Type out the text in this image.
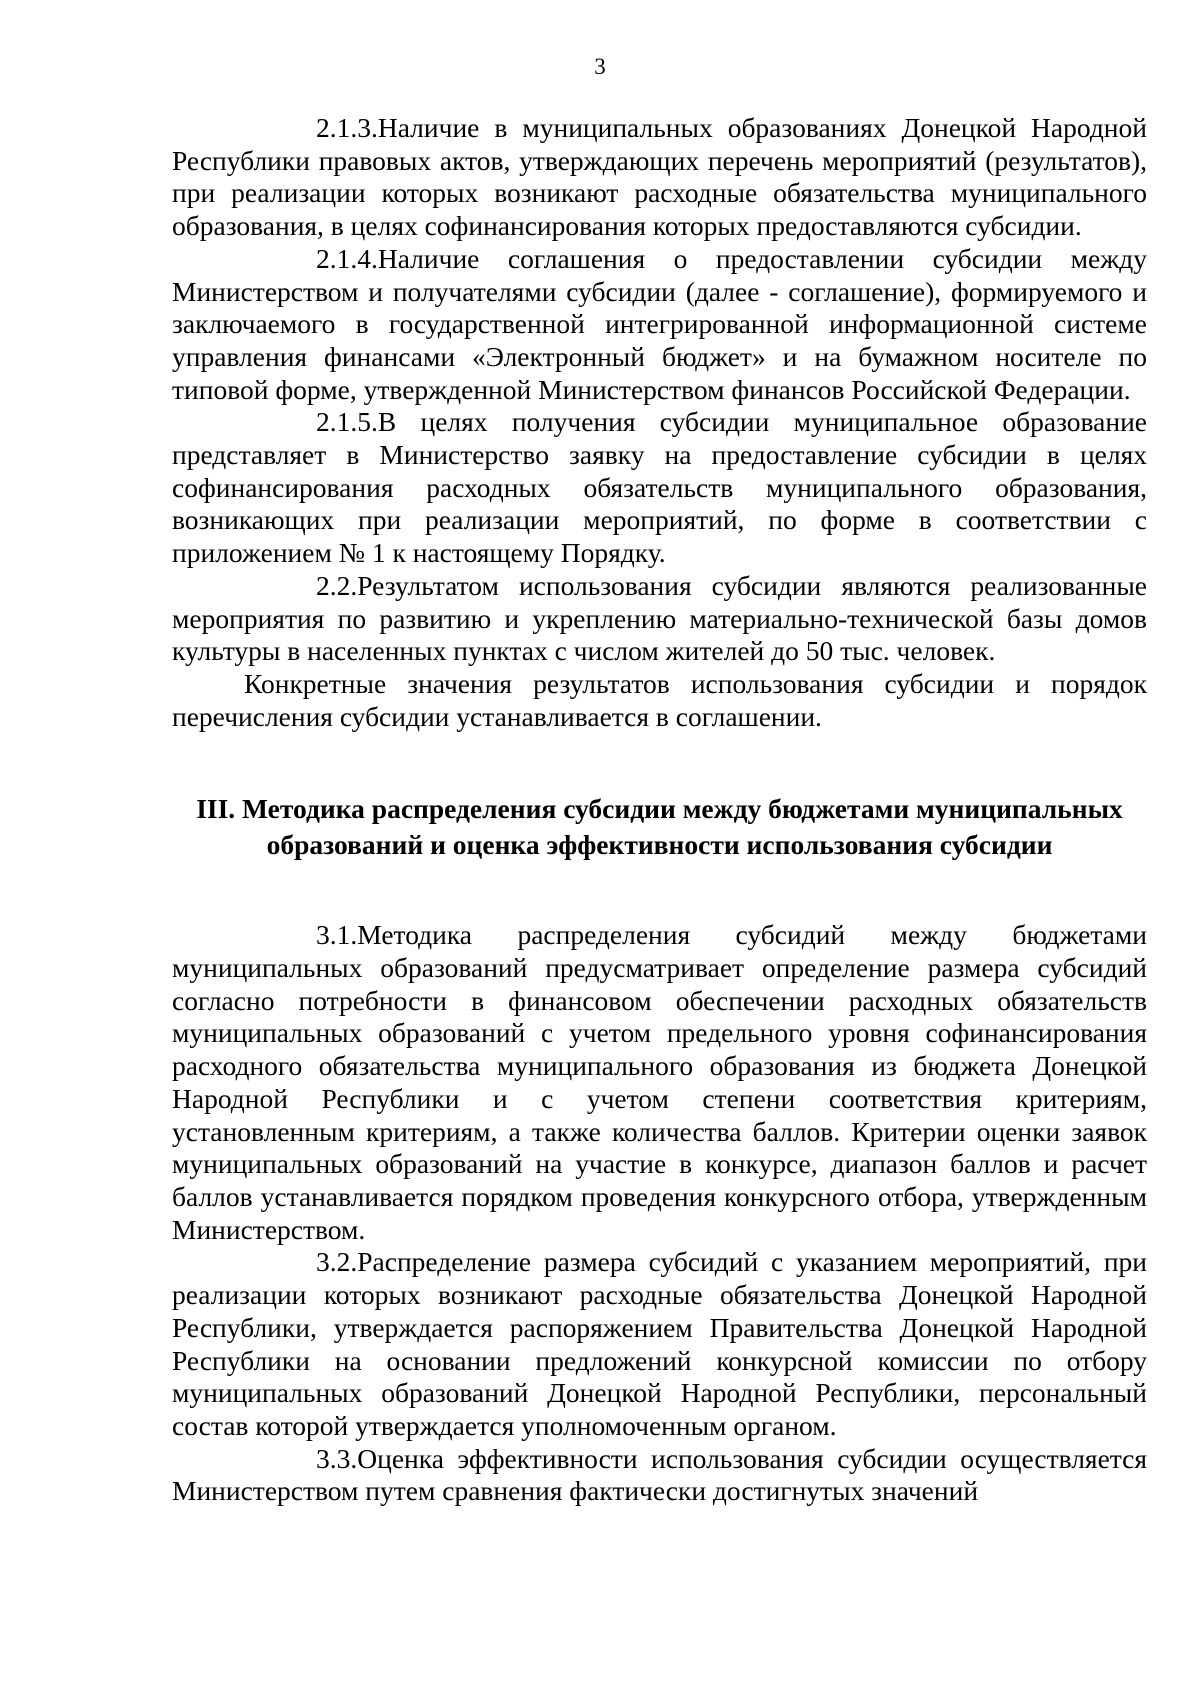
3

2.1.3.Наличие в муниципальных образованиях Донецкой Народной Республики правовых актов, утверждающих перечень мероприятий (результатов), при реализации которых возникают расходные обязательства муниципального образования, в целях софинансирования которых предоставляются субсидии.

2.1.4.Наличие соглашения о предоставлении субсидии между Министерством и получателями субсидии (далее - соглашение), формируемого и заключаемого в государственной интегрированной информационной системе управления финансами «Электронный бюджет» и на бумажном носителе по типовой форме, утвержденной Министерством финансов Российской Федерации.

2.1.5.В целях получения субсидии муниципальное образование представляет в Министерство заявку на предоставление субсидии в целях софинансирования расходных обязательств муниципального образования, возникающих при реализации мероприятий, по форме в соответствии с приложением № 1 к настоящему Порядку.

2.2.Результатом использования субсидии являются реализованные мероприятия по развитию и укреплению материально-технической базы домов культуры в населенных пунктах с числом жителей до 50 тыс. человек.

Конкретные значения результатов использования субсидии и порядок перечисления субсидии устанавливается в соглашении.

III. Методика распределения субсидии между бюджетами муниципальных
образований и оценка эффективности использования субсидии

3.1.Методика распределения субсидий между бюджетами муниципальных образований предусматривает определение размера субсидий согласно потребности в финансовом обеспечении расходных обязательств муниципальных образований с учетом предельного уровня софинансирования расходного обязательства муниципального образования из бюджета Донецкой Народной Республики и с учетом степени соответствия критериям, установленным критериям, а также количества баллов. Критерии оценки заявок муниципальных образований на участие в конкурсе, диапазон баллов и расчет баллов устанавливается порядком проведения конкурсного отбора, утвержденным Министерством.

3.2.Распределение размера субсидий с указанием мероприятий, при реализации которых возникают расходные обязательства Донецкой Народной Республики, утверждается распоряжением Правительства Донецкой Народной Республики на основании предложений конкурсной комиссии по отбору муниципальных образований Донецкой Народной Республики, персональный состав которой утверждается уполномоченным органом.

3.3.Оценка эффективности использования субсидии осуществляется Министерством путем сравнения фактически достигнутых значений
